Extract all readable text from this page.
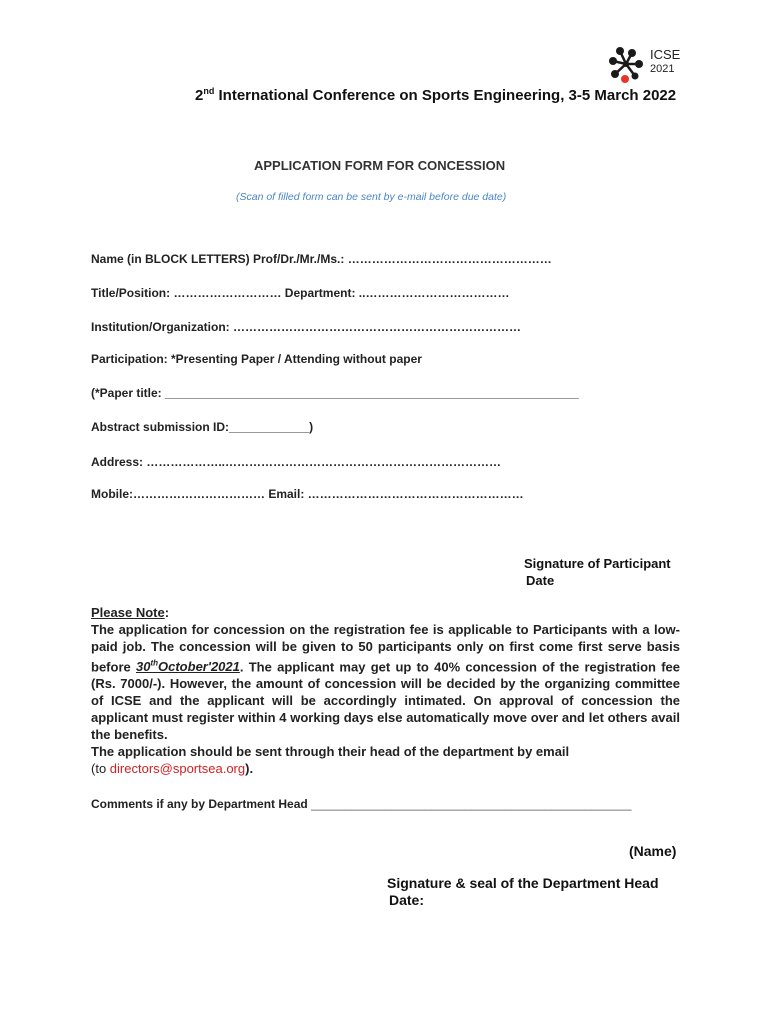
ICSE
2021
2nd International Conference on Sports Engineering, 3-5 March 2022
APPLICATION FORM FOR CONCESSION
(Scan of filled form can be sent by e-mail before due date)
Name (in BLOCK LETTERS) Prof/Dr./Mr./Ms.: ……………………………………………
Title/Position: ……………………… Department: ..………………………………
Institution/Organization: ………………………………………………………………
Participation: *Presenting Paper / Attending without paper
(*Paper title: ______________________________________________________________
Abstract submission ID:____________)
Address: ………………..……………………………………………………………
Mobile:…………………………… Email: ………………………………………………
Signature of Participant
Date
Please Note:
The application for concession on the registration fee is applicable to Participants with a low-paid job. The concession will be given to 50 participants only on first come first serve basis before 30thOctober'2021. The applicant may get up to 40% concession of the registration fee (Rs. 7000/-). However, the amount of concession will be decided by the organizing committee of ICSE and the applicant will be accordingly intimated. On approval of concession the applicant must register within 4 working days else automatically move over and let others avail the benefits.
The application should be sent through their head of the department by email
(to directors@sportsea.org).
Comments if any by Department Head ________________________________________________
(Name)
Signature & seal of the Department Head
Date:
